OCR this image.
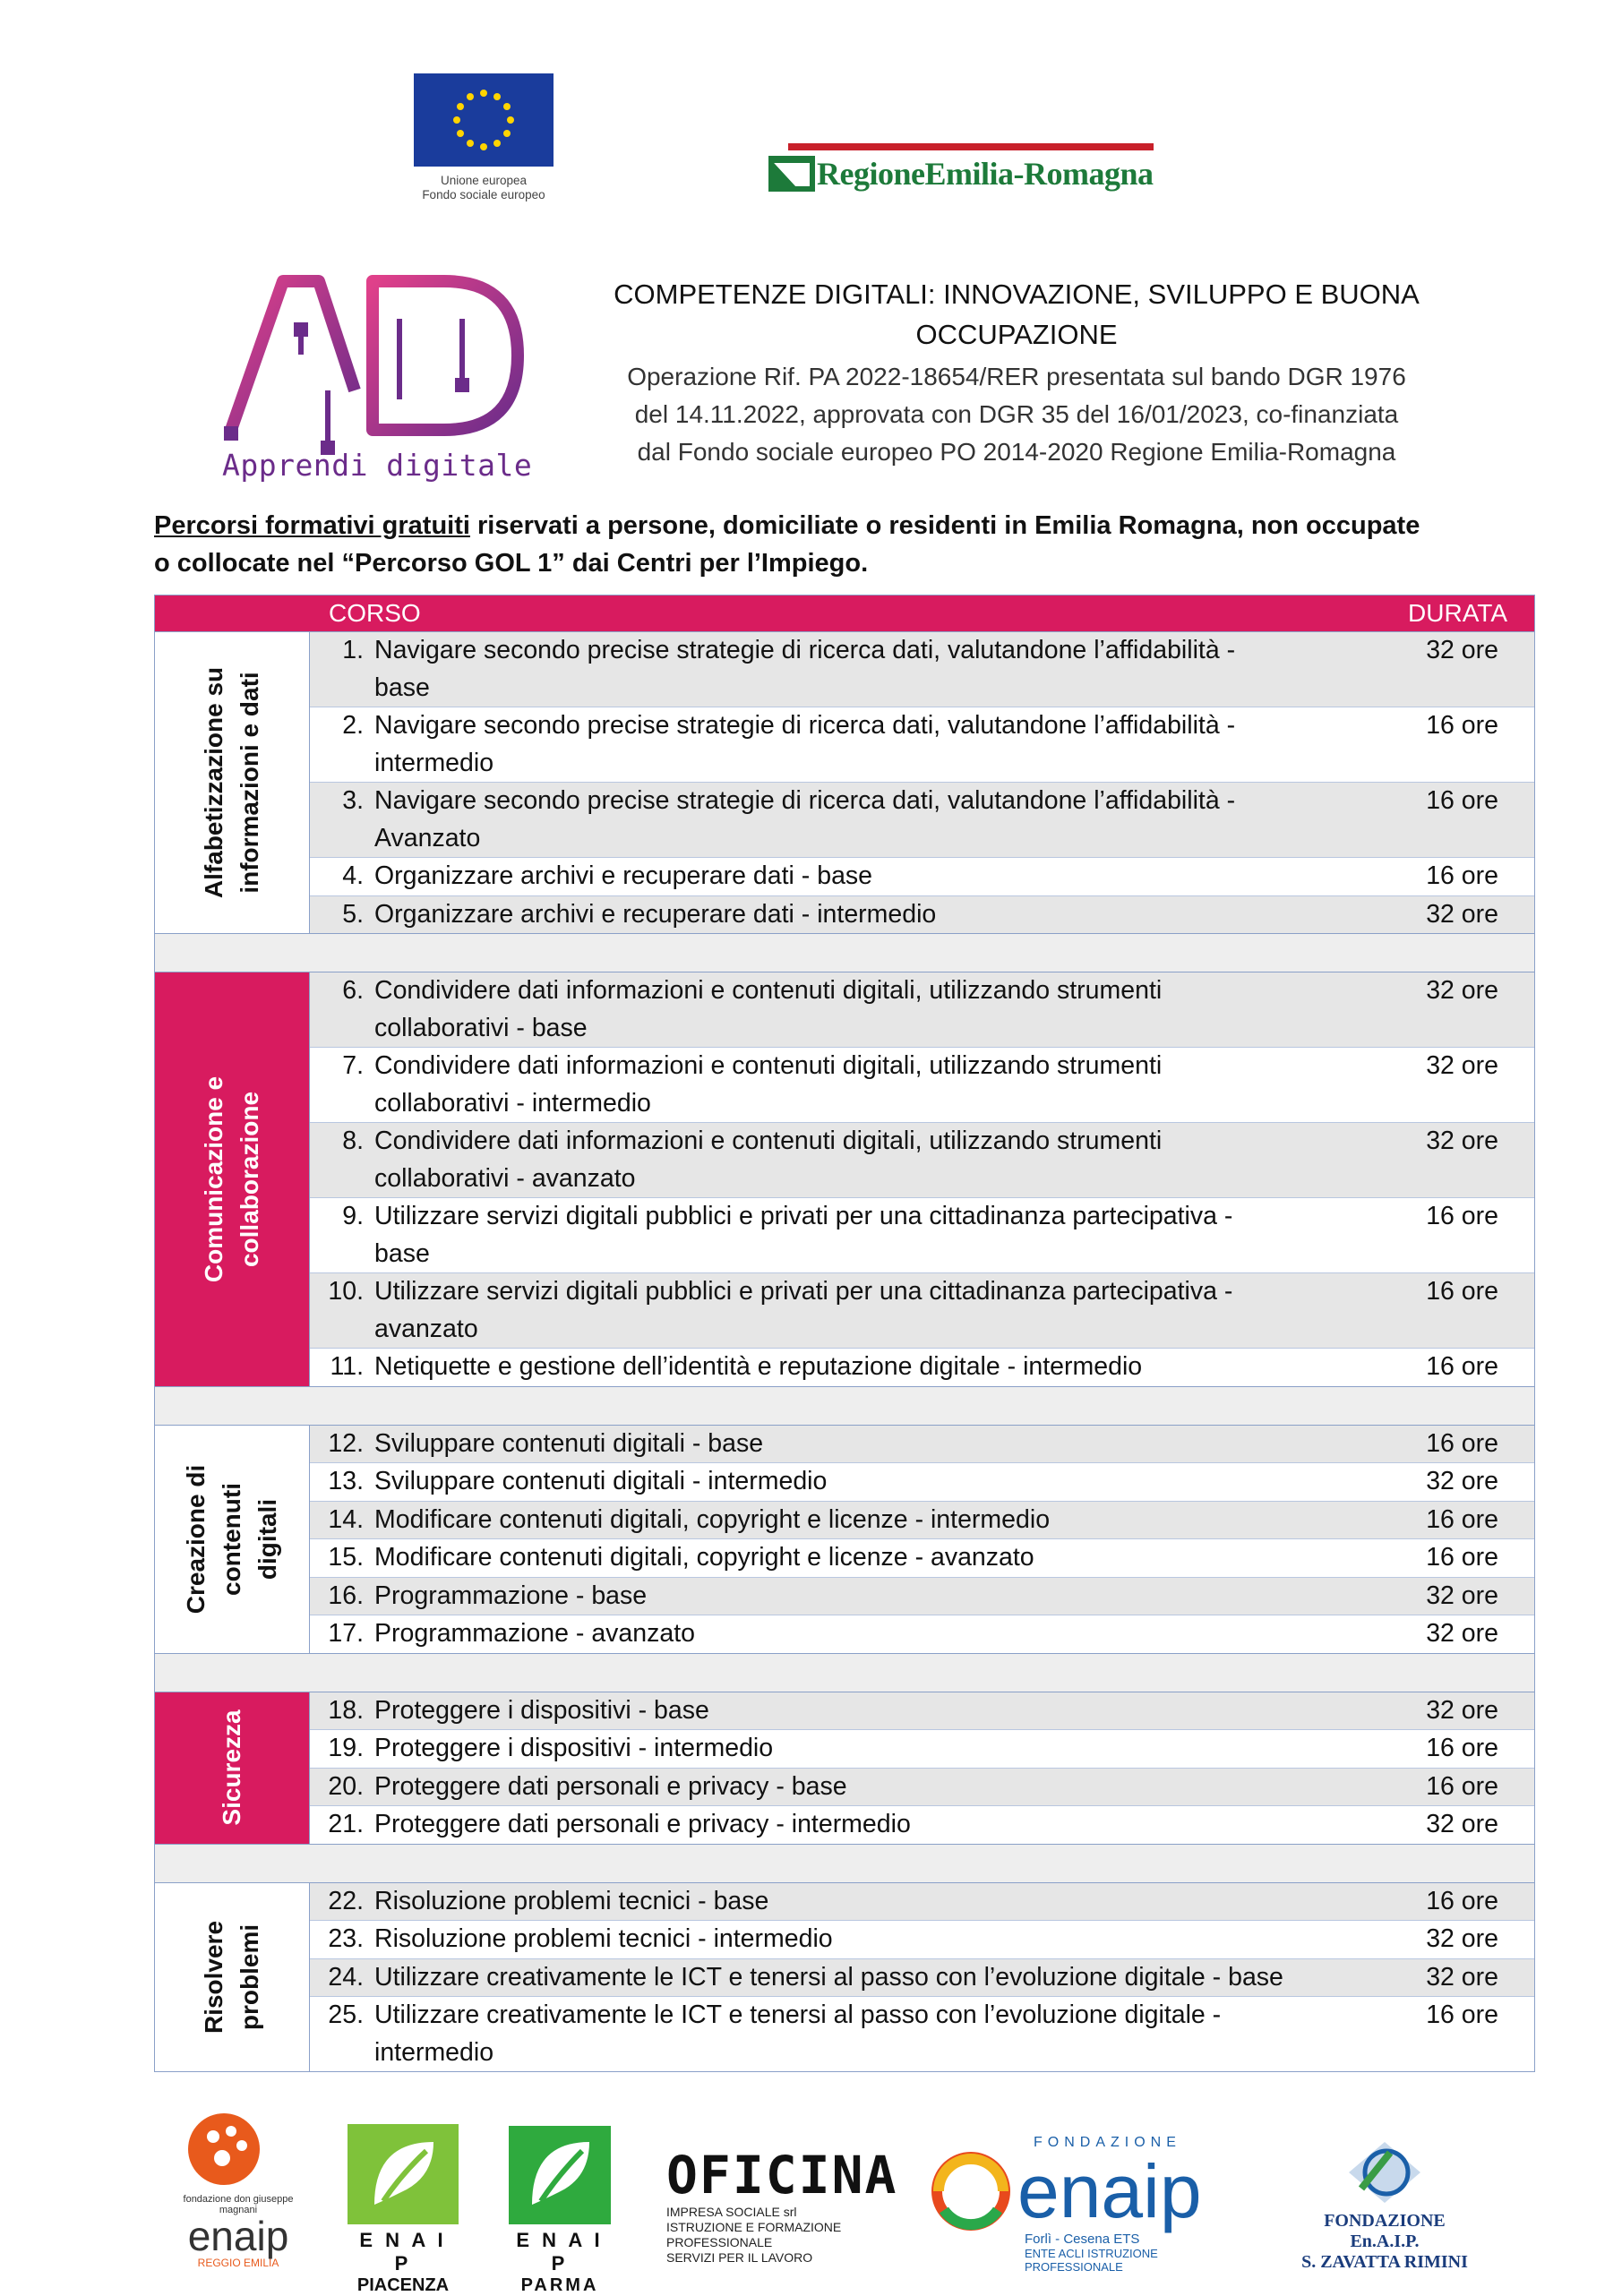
Unione europea
Fondo sociale europeo
RegioneEmilia-Romagna
Apprendi digitale
COMPETENZE DIGITALI: INNOVAZIONE, SVILUPPO E BUONA
OCCUPAZIONE
Operazione Rif. PA 2022-18654/RER presentata sul bando DGR 1976
del 14.11.2022, approvata con DGR 35 del 16/01/2023, co-finanziata
dal Fondo sociale europeo PO 2014-2020 Regione Emilia-Romagna
Percorsi formativi gratuiti riservati a persone, domiciliate o residenti in Emilia Romagna, non occupate
o collocate nel “Percorso GOL 1” dai Centri per l’Impiego.
CORSO	DURATA
Alfabetizzazione su informazioni e dati
1. Navigare secondo precise strategie di ricerca dati, valutandone l’affidabilità -
base
32 ore
2. Navigare secondo precise strategie di ricerca dati, valutandone l’affidabilità -
intermedio
16 ore
3. Navigare secondo precise strategie di ricerca dati, valutandone l’affidabilità -
Avanzato
16 ore
4. Organizzare archivi e recuperare dati - base	16 ore
5. Organizzare archivi e recuperare dati - intermedio	32 ore
Comunicazione e collaborazione
6. Condividere dati informazioni e contenuti digitali, utilizzando strumenti
collaborativi - base
32 ore
7. Condividere dati informazioni e contenuti digitali, utilizzando strumenti
collaborativi - intermedio
32 ore
8. Condividere dati informazioni e contenuti digitali, utilizzando strumenti
collaborativi - avanzato
32 ore
9. Utilizzare servizi digitali pubblici e privati per una cittadinanza partecipativa -
base
16 ore
10. Utilizzare servizi digitali pubblici e privati per una cittadinanza partecipativa -
avanzato
16 ore
11. Netiquette e gestione dell’identità e reputazione digitale - intermedio	16 ore
Creazione di contenuti digitali
12. Sviluppare contenuti digitali - base	16 ore
13. Sviluppare contenuti digitali - intermedio	32 ore
14. Modificare contenuti digitali, copyright e licenze - intermedio	16 ore
15. Modificare contenuti digitali, copyright e licenze - avanzato	16 ore
16. Programmazione - base	32 ore
17. Programmazione - avanzato	32 ore
Sicurezza	18. Proteggere i dispositivi - base	32 ore
19. Proteggere i dispositivi - intermedio	16 ore
20. Proteggere dati personali e privacy - base	16 ore
21. Proteggere dati personali e privacy - intermedio	32 ore
Risolvere problemi
22. Risoluzione problemi tecnici - base	16 ore
23. Risoluzione problemi tecnici - intermedio	32 ore
24. Utilizzare creativamente le ICT e tenersi al passo con l’evoluzione digitale - base	32 ore
25. Utilizzare creativamente le ICT e tenersi al passo con l’evoluzione digitale -
intermedio
16 ore
fondazione don giuseppe magnani
enaip
REGGIO EMILIA
E N A I P
PIACENZA
E N A I P
PARMA
OFICINA
IMPRESA SOCIALE srl
ISTRUZIONE E FORMAZIONE PROFESSIONALE
SERVIZI PER IL LAVORO
FONDAZIONE
enaip
Forlì - Cesena ETS
ENTE ACLI ISTRUZIONE PROFESSIONALE
FONDAZIONE En.A.I.P.
S. ZAVATTA RIMINI
